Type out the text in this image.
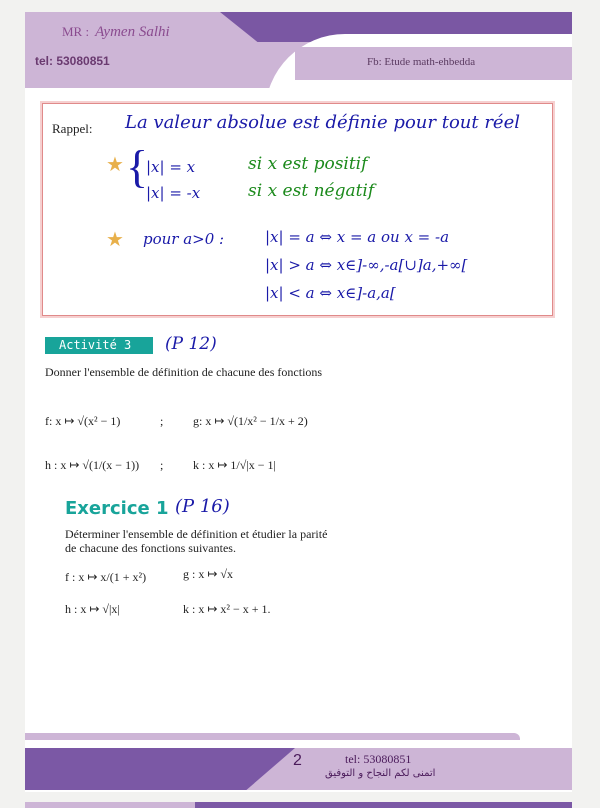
MR : Aymen Salhi
tel: 53080851	Fb: Etude math-ehbedda
Rappel: La valeur absolue est définie pour tout réel
★ {
|x| = x	si x est positif
|x| = -x	si x est négatif
★ pour a>0 :	|x| = a ⇔ x = a ou x = -a
|x| > a ⇔ x∈]-∞,-a[∪]a,+∞[
|x| < a ⇔ x∈]-a,a[
Activité 3	(P 12)
Donner l'ensemble de définition de chacune des fonctions
f: x ↦ √(x² − 1)	; g: x ↦ √(1/x² − 1/x + 2)
h : x ↦ √(1/(x − 1)) ; k : x ↦ 1/√|x − 1|
Exercice 1 (P 16)
Déterminer l'ensemble de définition et étudier la parité
de chacune des fonctions suivantes.
f : x ↦ x/(1 + x²)	g : x ↦ √x
h : x ↦ √|x|	k : x ↦ x² − x + 1.
2	tel: 53080851
اتمنى لكم النجاح و التوفيق
